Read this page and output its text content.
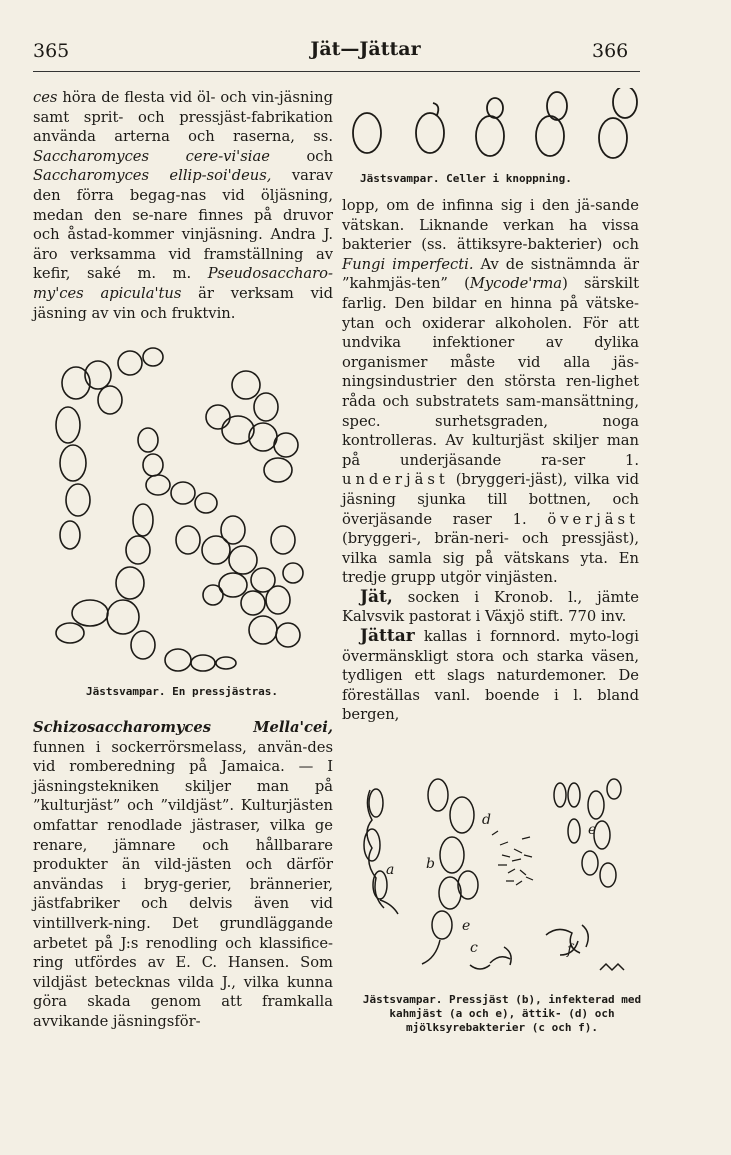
365	Jät—Jättar	366

ces höra de flesta vid öl- och vin-jäsning samt sprit- och pressjäst-fabrikation använda arterna och raserna, ss. Saccharomyces cere-vi'siae och Saccharomyces ellip-soi'deus, varav den förra begag-nas vid öljäsning, medan den se-nare finnes på druvor och åstad-kommer vinjäsning. Andra J. äro verksamma vid framställning av kefir, saké m. m. Pseudosaccharo-my'ces apicula'tus är verksam vid jäsning av vin och fruktvin.

Jästsvampar. En pressjästras.

Schizosaccharomyces Mella'cei, funnen i sockerrörsmelass, använ-des vid romberedning på Jamaica. — I jäsningstekniken skiljer man på ”kulturjäst” och ”vildjäst”. Kulturjästen omfattar renodlade jästraser, vilka ge renare, jämnare och hållbarare produkter än vild-jästen och därför användas i bryg-gerier, brännerier, jästfabriker och delvis även vid vintillverk-ning. Det grundläggande arbetet på J:s renodling och klassifice-ring utfördes av E. C. Hansen. Som vildjäst betecknas vilda J., vilka kunna göra skada genom att framkalla avvikande jäsningsför-

Jästsvampar. Celler i knoppning.

lopp, om de infinna sig i den jä-sande vätskan. Liknande verkan ha vissa bakterier (ss. ättiksyre-bakterier) och Fungi imperfecti. Av de sistnämnda är ”kahmjäs-ten” (Mycode'rma) särskilt farlig. Den bildar en hinna på vätske-ytan och oxiderar alkoholen. För att undvika infektioner av dylika organismer måste vid alla jäs-ningsindustrier den största ren-lighet råda och substratets sam-mansättning, spec. surhetsgraden, noga kontrolleras. Av kulturjäst skiljer man på underjäsande ra-ser 1. underjäst (bryggeri-jäst), vilka vid jäsning sjunka till bottnen, och överjäsande raser 1. överjäst (bryggeri-, brän-neri- och pressjäst), vilka samla sig på vätskans yta. En tredje grupp utgör vinjästen.

Jät, socken i Kronob. l., jämte Kalvsvik pastorat i Växjö stift. 770 inv.

Jättar kallas i fornnord. myto-logi övermänskligt stora och starka väsen, tydligen ett slags naturdemoner. De föreställas vanl. boende i l. bland bergen,

a b
c
d
e
e
f
Jästsvampar. Pressjäst (b), infekterad med kahmjäst (a och e), ättik- (d) och mjölksyrebakterier (c och f).
